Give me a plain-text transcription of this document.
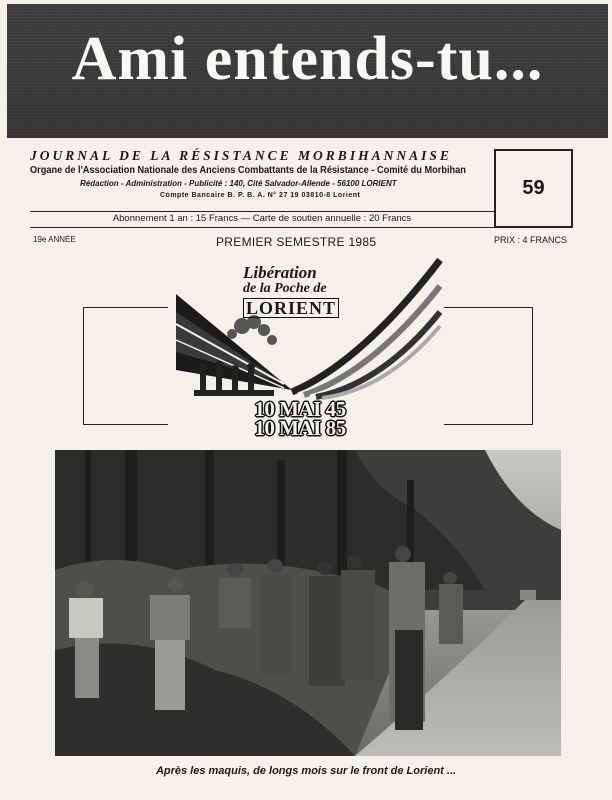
Ami entends-tu...
JOURNAL DE LA RÉSISTANCE MORBIHANNAISE
Organe de l'Association Nationale des Anciens Combattants de la Résistance - Comité du Morbihan
Rédaction - Administration - Publicité : 140, Cité Salvador-Allende - 56100 LORIENT
Compte Bancaire B. P. B. A. N° 27 19 03810-8 Lorient
Abonnement 1 an : 15 Francs — Carte de soutien annuelle : 20 Francs
59
19e ANNÉE	PREMIER SEMESTRE 1985	PRIX : 4 FRANCS
Libération
de la Poche de
LORIENT
10 MAI 45
10 MAI 85
Après les maquis, de longs mois sur le front de Lorient ...
